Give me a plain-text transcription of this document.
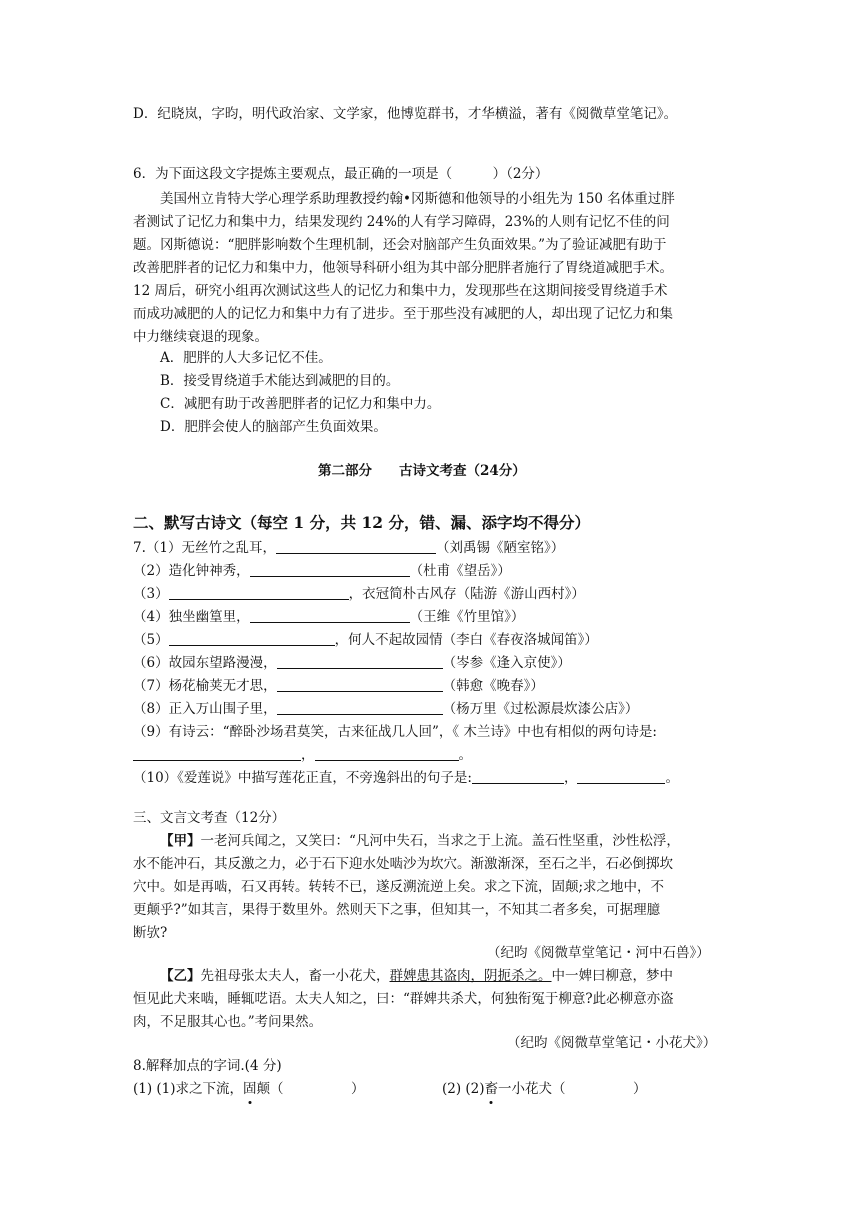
D．纪晓岚，字昀，明代政治家、文学家，他博览群书，才华横溢，著有《阅微草堂笔记》。
6．为下面这段文字提炼主要观点，最正确的一项是（　　　）（2分）
美国州立肯特大学心理学系助理教授约翰•冈斯德和他领导的小组先为 150 名体重过胖
者测试了记忆力和集中力，结果发现约 24%的人有学习障碍，23%的人则有记忆不佳的问
题。冈斯德说：“肥胖影响数个生理机制，还会对脑部产生负面效果。”为了验证减肥有助于
改善肥胖者的记忆力和集中力，他领导科研小组为其中部分肥胖者施行了胃绕道减肥手术。
12 周后，研究小组再次测试这些人的记忆力和集中力，发现那些在这期间接受胃绕道手术
而成功减肥的人的记忆力和集中力有了进步。至于那些没有减肥的人，却出现了记忆力和集
中力继续衰退的现象。
A．肥胖的人大多记忆不佳。
B．接受胃绕道手术能达到减肥的目的。
C．减肥有助于改善肥胖者的记忆力和集中力。
D．肥胖会使人的脑部产生负面效果。
第二部分　　古诗文考查（24分）
二、默写古诗文（每空 1 分，共 12 分，错、漏、添字均不得分）
7.（1）无丝竹之乱耳，	（刘禹锡《陋室铭》）
（2）造化钟神秀，	（杜甫《望岳》）
（3）	，衣冠简朴古风存（陆游《游山西村》）
（4）独坐幽篁里，	（王维《竹里馆》）
（5）	，何人不起故园情（李白《春夜洛城闻笛》）
（6）故园东望路漫漫，	（岑参《逢入京使》）
（7）杨花榆荚无才思，	（韩愈《晚春》）
（8）正入万山围子里，	（杨万里《过松源晨炊漆公店》）
（9）有诗云：“醉卧沙场君莫笑，古来征战几人回”，《 木兰诗》中也有相似的两句诗是:
，	。
（10）《爱莲说》中描写莲花正直，不旁逸斜出的句子是:	，	。
三、文言文考查（12分）
【甲】一老河兵闻之，又笑曰：“凡河中失石，当求之于上流。盖石性坚重，沙性松浮，
水不能冲石，其反激之力，必于石下迎水处啮沙为坎穴。渐激渐深，至石之半，石必倒掷坎
穴中。如是再啮，石又再转。转转不已，遂反溯流逆上矣。求之下流，固颠;求之地中，不
更颠乎?”如其言，果得于数里外。然则天下之事，但知其一，不知其二者多矣，可据理臆
断欤?
（纪昀《阅微草堂笔记・河中石兽》）
【乙】先祖母张太夫人，畜一小花犬，群婢患其盗肉，阴扼杀之。中一婢曰柳意，梦中
恒见此犬来啮，睡辄呓语。太夫人知之，曰：“群婢共杀犬，何独衔冤于柳意?此必柳意亦盗
肉，不足服其心也。”考问果然。
（纪昀《阅微草堂笔记・小花犬》）
8.解释加点的字词.(4 分)
(1) (1)求之下流，固颠（　　　　　）	(2) (2)畜一小花犬（　　　　　）
